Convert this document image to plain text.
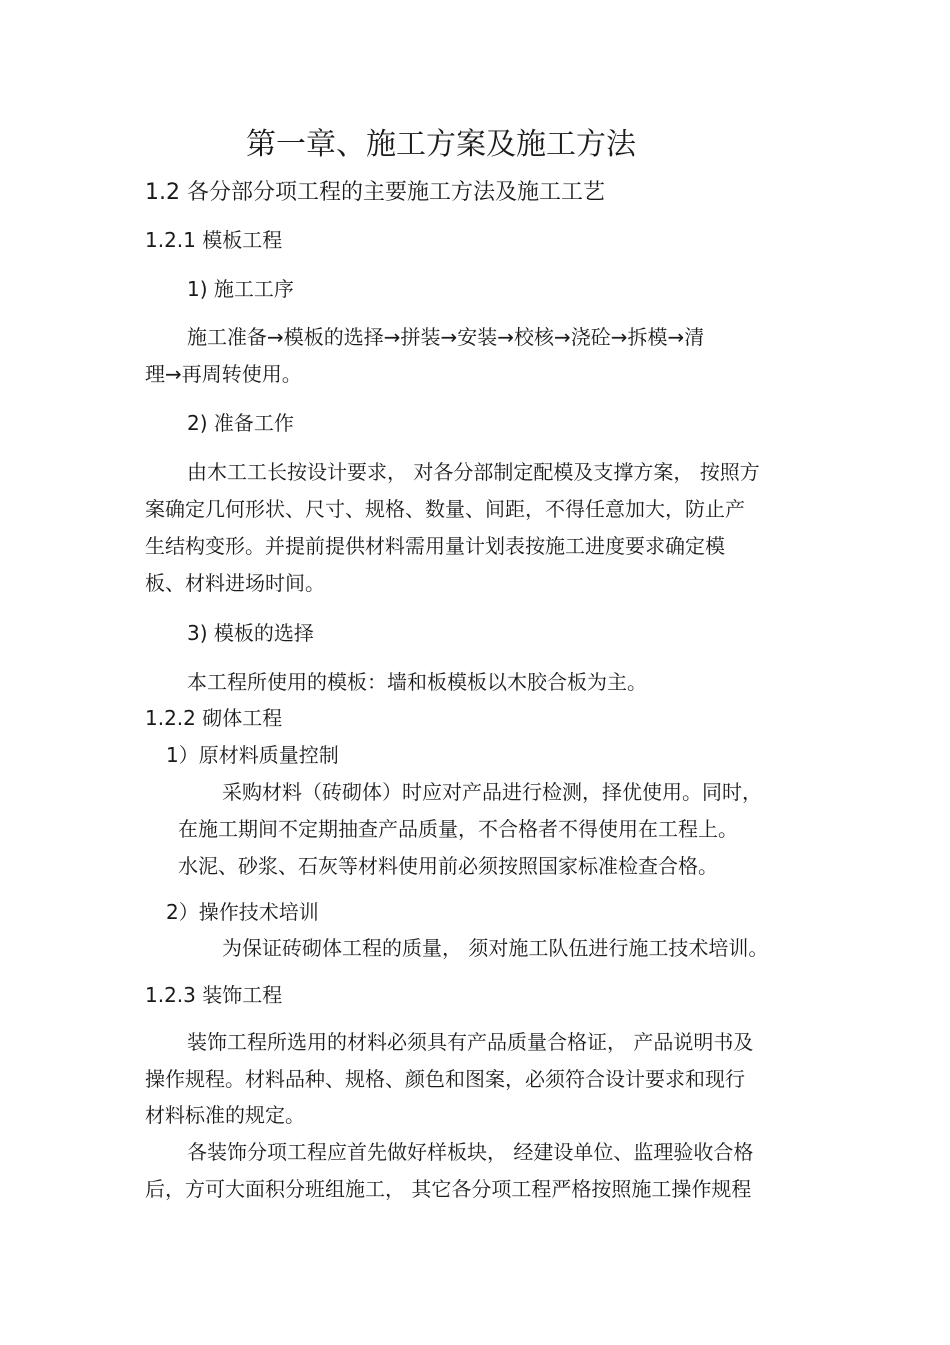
第一章、施工方案及施工方法
1.2 各分部分项工程的主要施工方法及施工工艺
1.2.1 模板工程
1) 施工工序
施工准备→模板的选择→拼装→安装→校核→浇砼→拆模→清
理→再周转使用。
2) 准备工作
由木工工长按设计要求， 对各分部制定配模及支撑方案， 按照方
案确定几何形状、尺寸、规格、数量、间距，不得任意加大，防止产
生结构变形。并提前提供材料需用量计划表按施工进度要求确定模
板、材料进场时间。
3) 模板的选择
本工程所使用的模板：墙和板模板以木胶合板为主。
1.2.2 砌体工程
1）原材料质量控制
采购材料（砖砌体）时应对产品进行检测，择优使用。同时，
在施工期间不定期抽查产品质量，不合格者不得使用在工程上。
水泥、砂浆、石灰等材料使用前必须按照国家标准检查合格。
2）操作技术培训
为保证砖砌体工程的质量， 须对施工队伍进行施工技术培训。
1.2.3 装饰工程
装饰工程所选用的材料必须具有产品质量合格证， 产品说明书及
操作规程。材料品种、规格、颜色和图案，必须符合设计要求和现行
材料标准的规定。
各装饰分项工程应首先做好样板块， 经建设单位、监理验收合格
后，方可大面积分班组施工， 其它各分项工程严格按照施工操作规程
